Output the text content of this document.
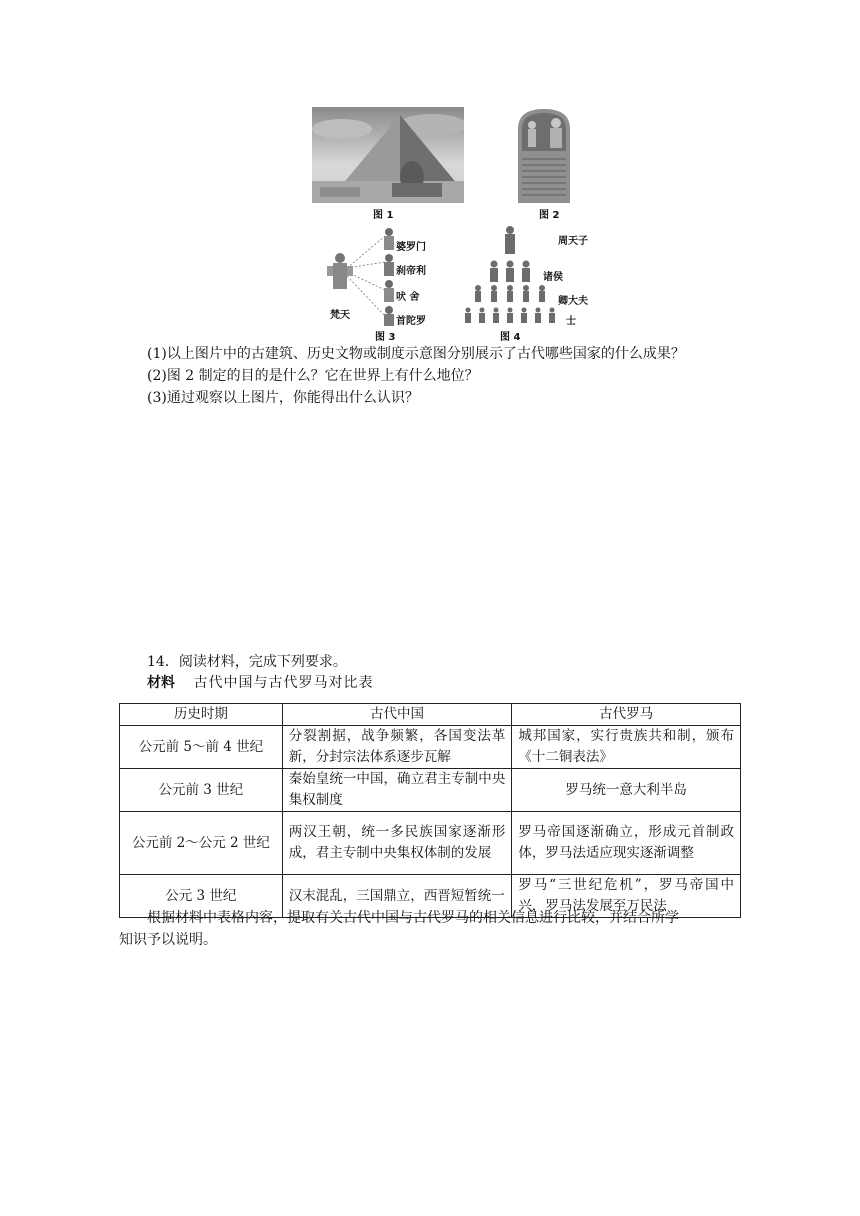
图 1	图 2
婆罗门
刹帝利
吠 舍
首陀罗
梵天
图 3
周天子
诸侯
卿大夫
士
图 4
(1)以上图片中的古建筑、历史文物或制度示意图分别展示了古代哪些国家的什么成果？
(2)图 2 制定的目的是什么？它在世界上有什么地位？
(3)通过观察以上图片，你能得出什么认识？
14．阅读材料，完成下列要求。
材料 古代中国与古代罗马对比表
历史时期	古代中国	古代罗马
公元前 5～前 4 世纪	分裂割据，战争频繁，各国变法革新，分封宗法体系逐步瓦解	城邦国家，实行贵族共和制，颁布《十二铜表法》
公元前 3 世纪	秦始皇统一中国，确立君主专制中央集权制度	罗马统一意大利半岛
公元前 2～公元 2 世纪	两汉王朝，统一多民族国家逐渐形成，君主专制中央集权体制的发展	罗马帝国逐渐确立，形成元首制政体，罗马法适应现实逐渐调整
公元 3 世纪	汉末混乱，三国鼎立，西晋短暂统一	罗马“三世纪危机”，罗马帝国中兴，罗马法发展至万民法
根据材料中表格内容，提取有关古代中国与古代罗马的相关信息进行比较，并结合所学
知识予以说明。
